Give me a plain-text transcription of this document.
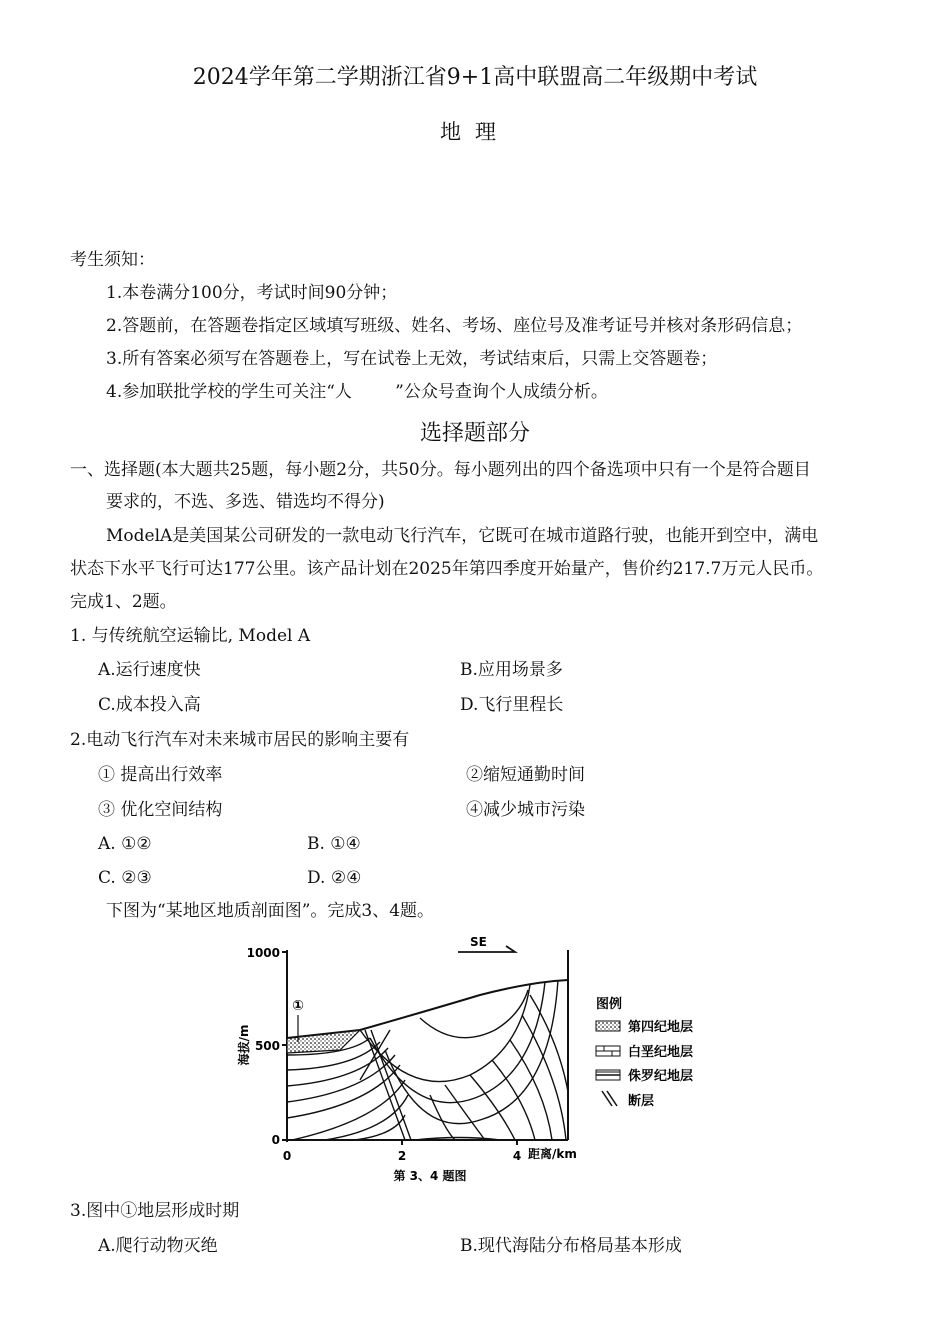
2024学年第二学期浙江省9+1高中联盟高二年级期中考试
地理
考生须知：
1.本卷满分100分，考试时间90分钟；
2.答题前，在答题卷指定区域填写班级、姓名、考场、座位号及准考证号并核对条形码信息；
3.所有答案必须写在答题卷上，写在试卷上无效，考试结束后，只需上交答题卷；
4.参加联批学校的学生可关注“人        ”公众号查询个人成绩分析。
选择题部分
一、选择题(本大题共25题，每小题2分，共50分。每小题列出的四个备选项中只有一个是符合题目
要求的，不选、多选、错选均不得分)
ModelA是美国某公司研发的一款电动飞行汽车，它既可在城市道路行驶，也能开到空中，满电
状态下水平飞行可达177公里。该产品计划在2025年第四季度开始量产，售价约217.7万元人民币。
完成1、2题。
1. 与传统航空运输比, Model A
A.运行速度快	B.应用场景多
C.成本投入高	D.飞行里程长
2.电动飞行汽车对未来城市居民的影响主要有
① 提高出行效率	②缩短通勤时间
③ 优化空间结构	④减少城市污染
A. ①②	B. ①④
C. ②③	D. ②④
下图为“某地区地质剖面图”。完成3、4题。
1000
500
0
海拔/m
0	2	4 距离/km
SE
①	图例
第四纪地层
白垩纪地层
侏罗纪地层
断层
第 3、4 题图
3.图中①地层形成时期
A.爬行动物灭绝	B.现代海陆分布格局基本形成
